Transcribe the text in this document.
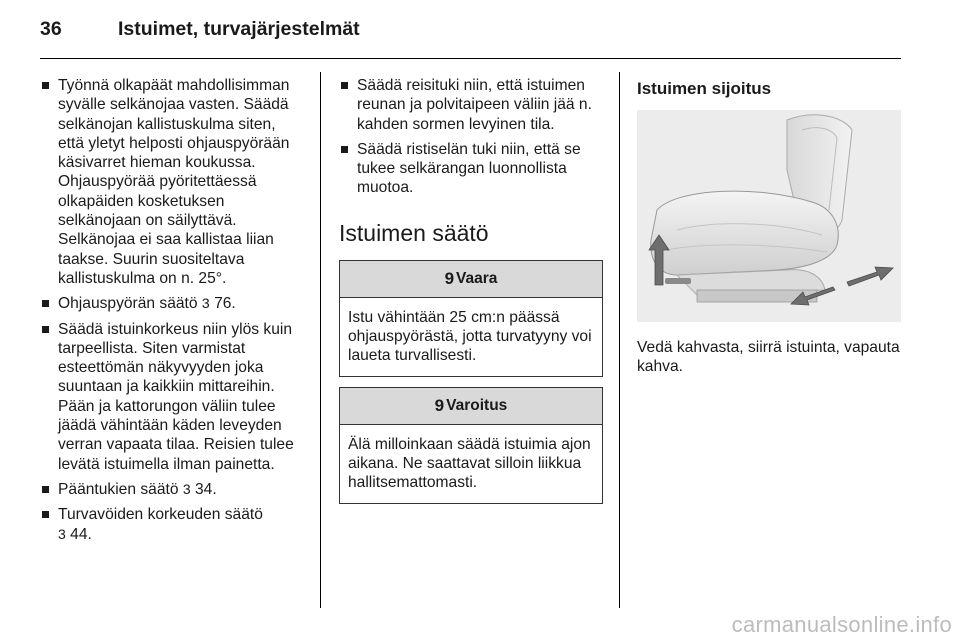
36	Istuimet, turvajärjestelmät
Työnnä olkapäät mahdollisimman syvälle selkänojaa vasten. Säädä selkänojan kallistuskulma siten, että yletyt helposti ohjauspyörään käsivarret hieman koukussa. Ohjauspyörää pyöritettäessä olkapäiden kosketuksen selkänojaan on säilyttävä. Selkänojaa ei saa kallistaa liian taakse. Suurin suositeltava kallistuskulma on n. 25°.
Ohjauspyörän säätö 3 76.
Säädä istuinkorkeus niin ylös kuin tarpeellista. Siten varmistat esteettömän näkyvyyden joka suuntaan ja kaikkiin mittareihin. Pään ja kattorungon väliin tulee jäädä vähintään käden leveyden verran vapaata tilaa. Reisien tulee levätä istuimella ilman painetta.
Pääntukien säätö 3 34.
Turvavöiden korkeuden säätö
3 44.
Säädä reisituki niin, että istuimen reunan ja polvitaipeen väliin jää n. kahden sormen levyinen tila.
Säädä ristiselän tuki niin, että se tukee selkärangan luonnollista muotoa.
Istuimen säätö
9 Vaara
Istu vähintään 25 cm:n päässä ohjauspyörästä, jotta turvatyyny voi laueta turvallisesti.
9 Varoitus
Älä milloinkaan säädä istuimia ajon aikana. Ne saattavat silloin liikkua hallitsemattomasti.
Istuimen sijoitus
Vedä kahvasta, siirrä istuinta, vapauta kahva.
carmanualsonline.info
